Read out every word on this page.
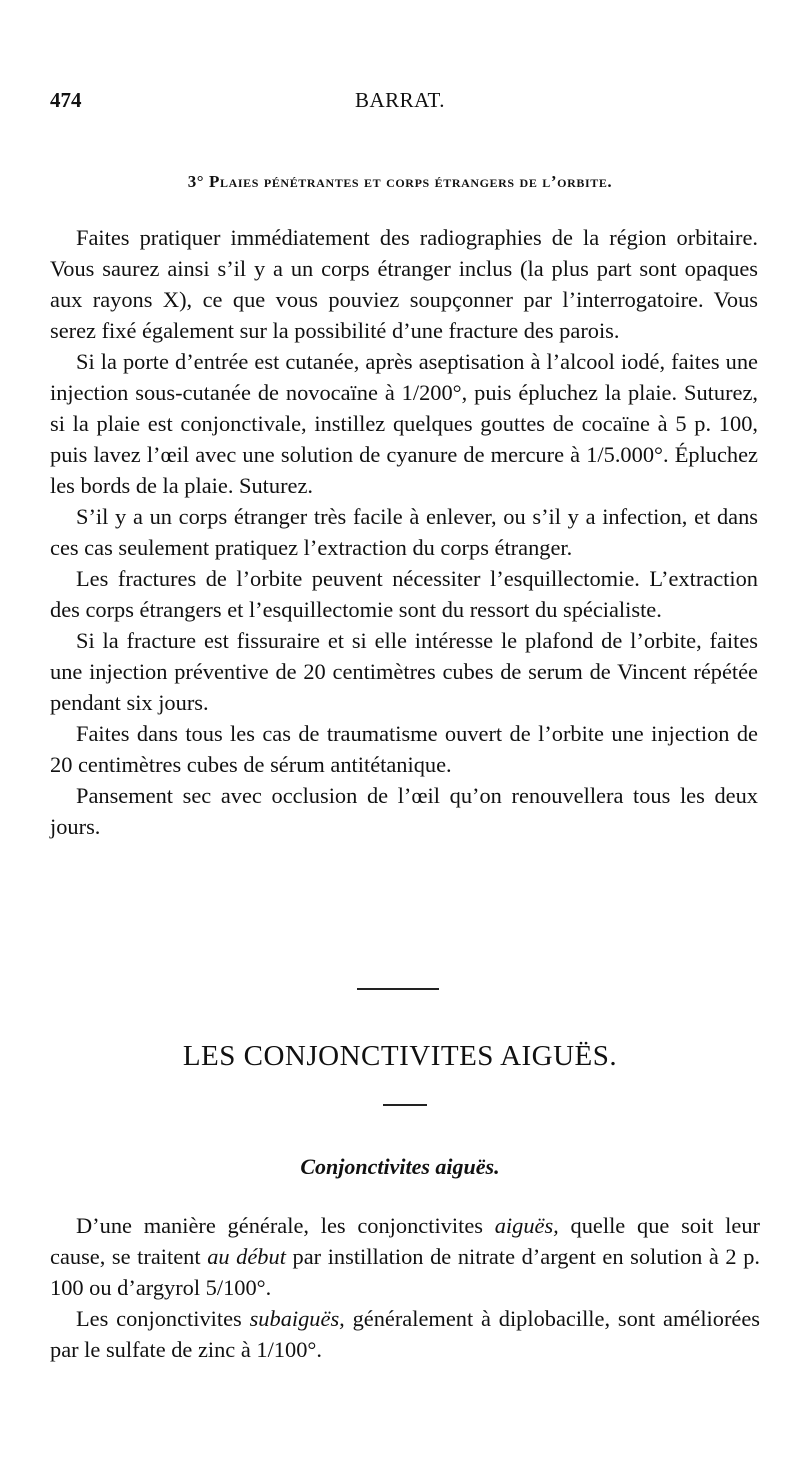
474	BARRAT.
3° Plaies pénétrantes et corps étrangers de l’orbite.

Faites pratiquer immédiatement des radiographies de la région orbitaire. Vous saurez ainsi s’il y a un corps étranger inclus (la plus part sont opaques aux rayons X), ce que vous pouviez soupçonner par l’interrogatoire. Vous serez fixé également sur la possibilité d’une fracture des parois.

Si la porte d’entrée est cutanée, après aseptisation à l’alcool iodé, faites une injection sous-cutanée de novocaïne à 1/200°, puis épluchez la plaie. Suturez, si la plaie est conjonctivale, instillez quelques gouttes de cocaïne à 5 p. 100, puis lavez l’œil avec une solution de cyanure de mercure à 1/5.000°. Épluchez les bords de la plaie. Suturez.

S’il y a un corps étranger très facile à enlever, ou s’il y a infection, et dans ces cas seulement pratiquez l’extraction du corps étranger.

Les fractures de l’orbite peuvent nécessiter l’esquillectomie. L’extraction des corps étrangers et l’esquillectomie sont du ressort du spécialiste.

Si la fracture est fissuraire et si elle intéresse le plafond de l’orbite, faites une injection préventive de 20 centimètres cubes de serum de Vincent répétée pendant six jours.

Faites dans tous les cas de traumatisme ouvert de l’orbite une injection de 20 centimètres cubes de sérum antitétanique.

Pansement sec avec occlusion de l’œil qu’on renouvellera tous les deux jours.

LES CONJONCTIVITES AIGUËS.
Conjonctivites aiguës.

D’une manière générale, les conjonctivites aiguës, quelle que soit leur cause, se traitent au début par instillation de nitrate d’argent en solution à 2 p. 100 ou d’argyrol 5/100°.

Les conjonctivites subaiguës, généralement à diplobacille, sont améliorées par le sulfate de zinc à 1/100°.
